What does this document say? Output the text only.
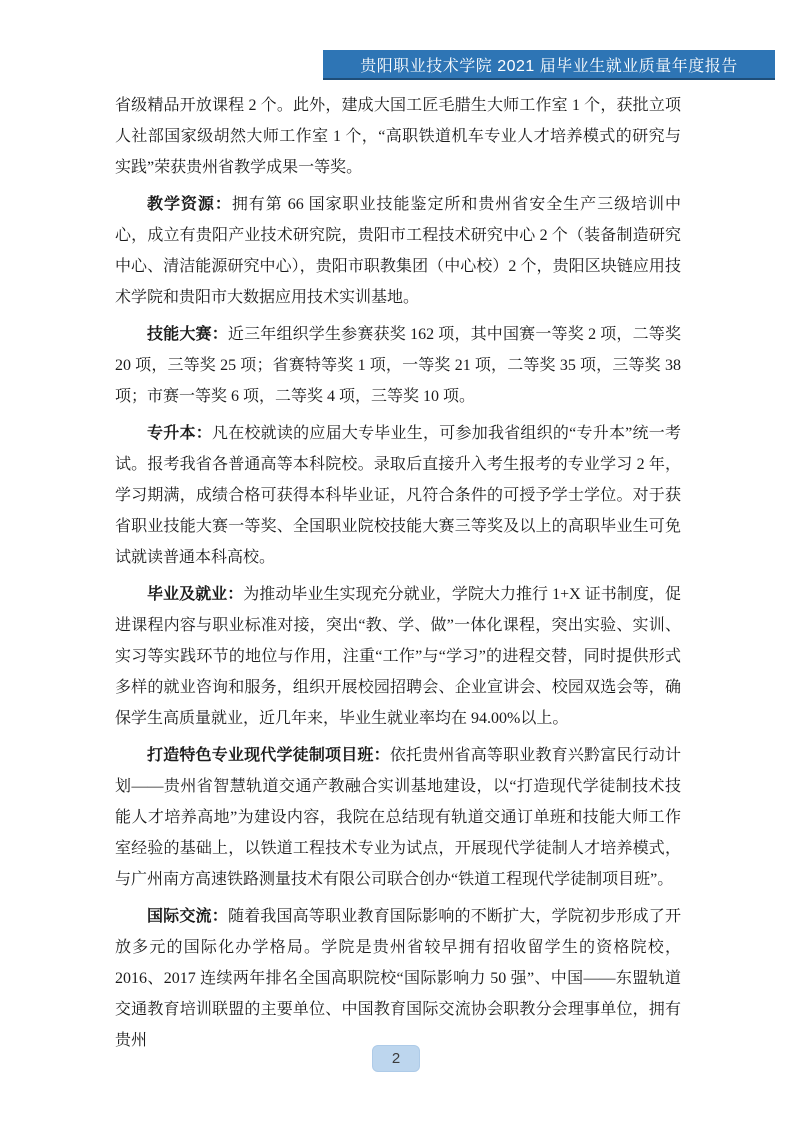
贵阳职业技术学院 2021 届毕业生就业质量年度报告

省级精品开放课程 2 个。此外，建成大国工匠毛腊生大师工作室 1 个，获批立项人社部国家级胡然大师工作室 1 个，“高职铁道机车专业人才培养模式的研究与实践”荣获贵州省教学成果一等奖。

教学资源：拥有第 66 国家职业技能鉴定所和贵州省安全生产三级培训中心，成立有贵阳产业技术研究院，贵阳市工程技术研究中心 2 个（装备制造研究中心、清洁能源研究中心），贵阳市职教集团（中心校）2 个，贵阳区块链应用技术学院和贵阳市大数据应用技术实训基地。

技能大赛：近三年组织学生参赛获奖 162 项，其中国赛一等奖 2 项，二等奖 20 项，三等奖 25 项；省赛特等奖 1 项，一等奖 21 项，二等奖 35 项，三等奖 38 项；市赛一等奖 6 项，二等奖 4 项，三等奖 10 项。

专升本：凡在校就读的应届大专毕业生，可参加我省组织的“专升本”统一考试。报考我省各普通高等本科院校。录取后直接升入考生报考的专业学习 2 年，学习期满，成绩合格可获得本科毕业证，凡符合条件的可授予学士学位。对于获省职业技能大赛一等奖、全国职业院校技能大赛三等奖及以上的高职毕业生可免试就读普通本科高校。

毕业及就业：为推动毕业生实现充分就业，学院大力推行 1+X 证书制度，促进课程内容与职业标准对接，突出“教、学、做”一体化课程，突出实验、实训、实习等实践环节的地位与作用，注重“工作”与“学习”的进程交替，同时提供形式多样的就业咨询和服务，组织开展校园招聘会、企业宣讲会、校园双选会等，确保学生高质量就业，近几年来，毕业生就业率均在 94.00%以上。

打造特色专业现代学徒制项目班：依托贵州省高等职业教育兴黔富民行动计划——贵州省智慧轨道交通产教融合实训基地建设，以“打造现代学徒制技术技能人才培养高地”为建设内容，我院在总结现有轨道交通订单班和技能大师工作室经验的基础上，以铁道工程技术专业为试点，开展现代学徒制人才培养模式，与广州南方高速铁路测量技术有限公司联合创办“铁道工程现代学徒制项目班”。

国际交流：随着我国高等职业教育国际影响的不断扩大，学院初步形成了开放多元的国际化办学格局。学院是贵州省较早拥有招收留学生的资格院校，2016、2017 连续两年排名全国高职院校“国际影响力 50 强”、中国——东盟轨道交通教育培训联盟的主要单位、中国教育国际交流协会职教分会理事单位，拥有贵州

2
